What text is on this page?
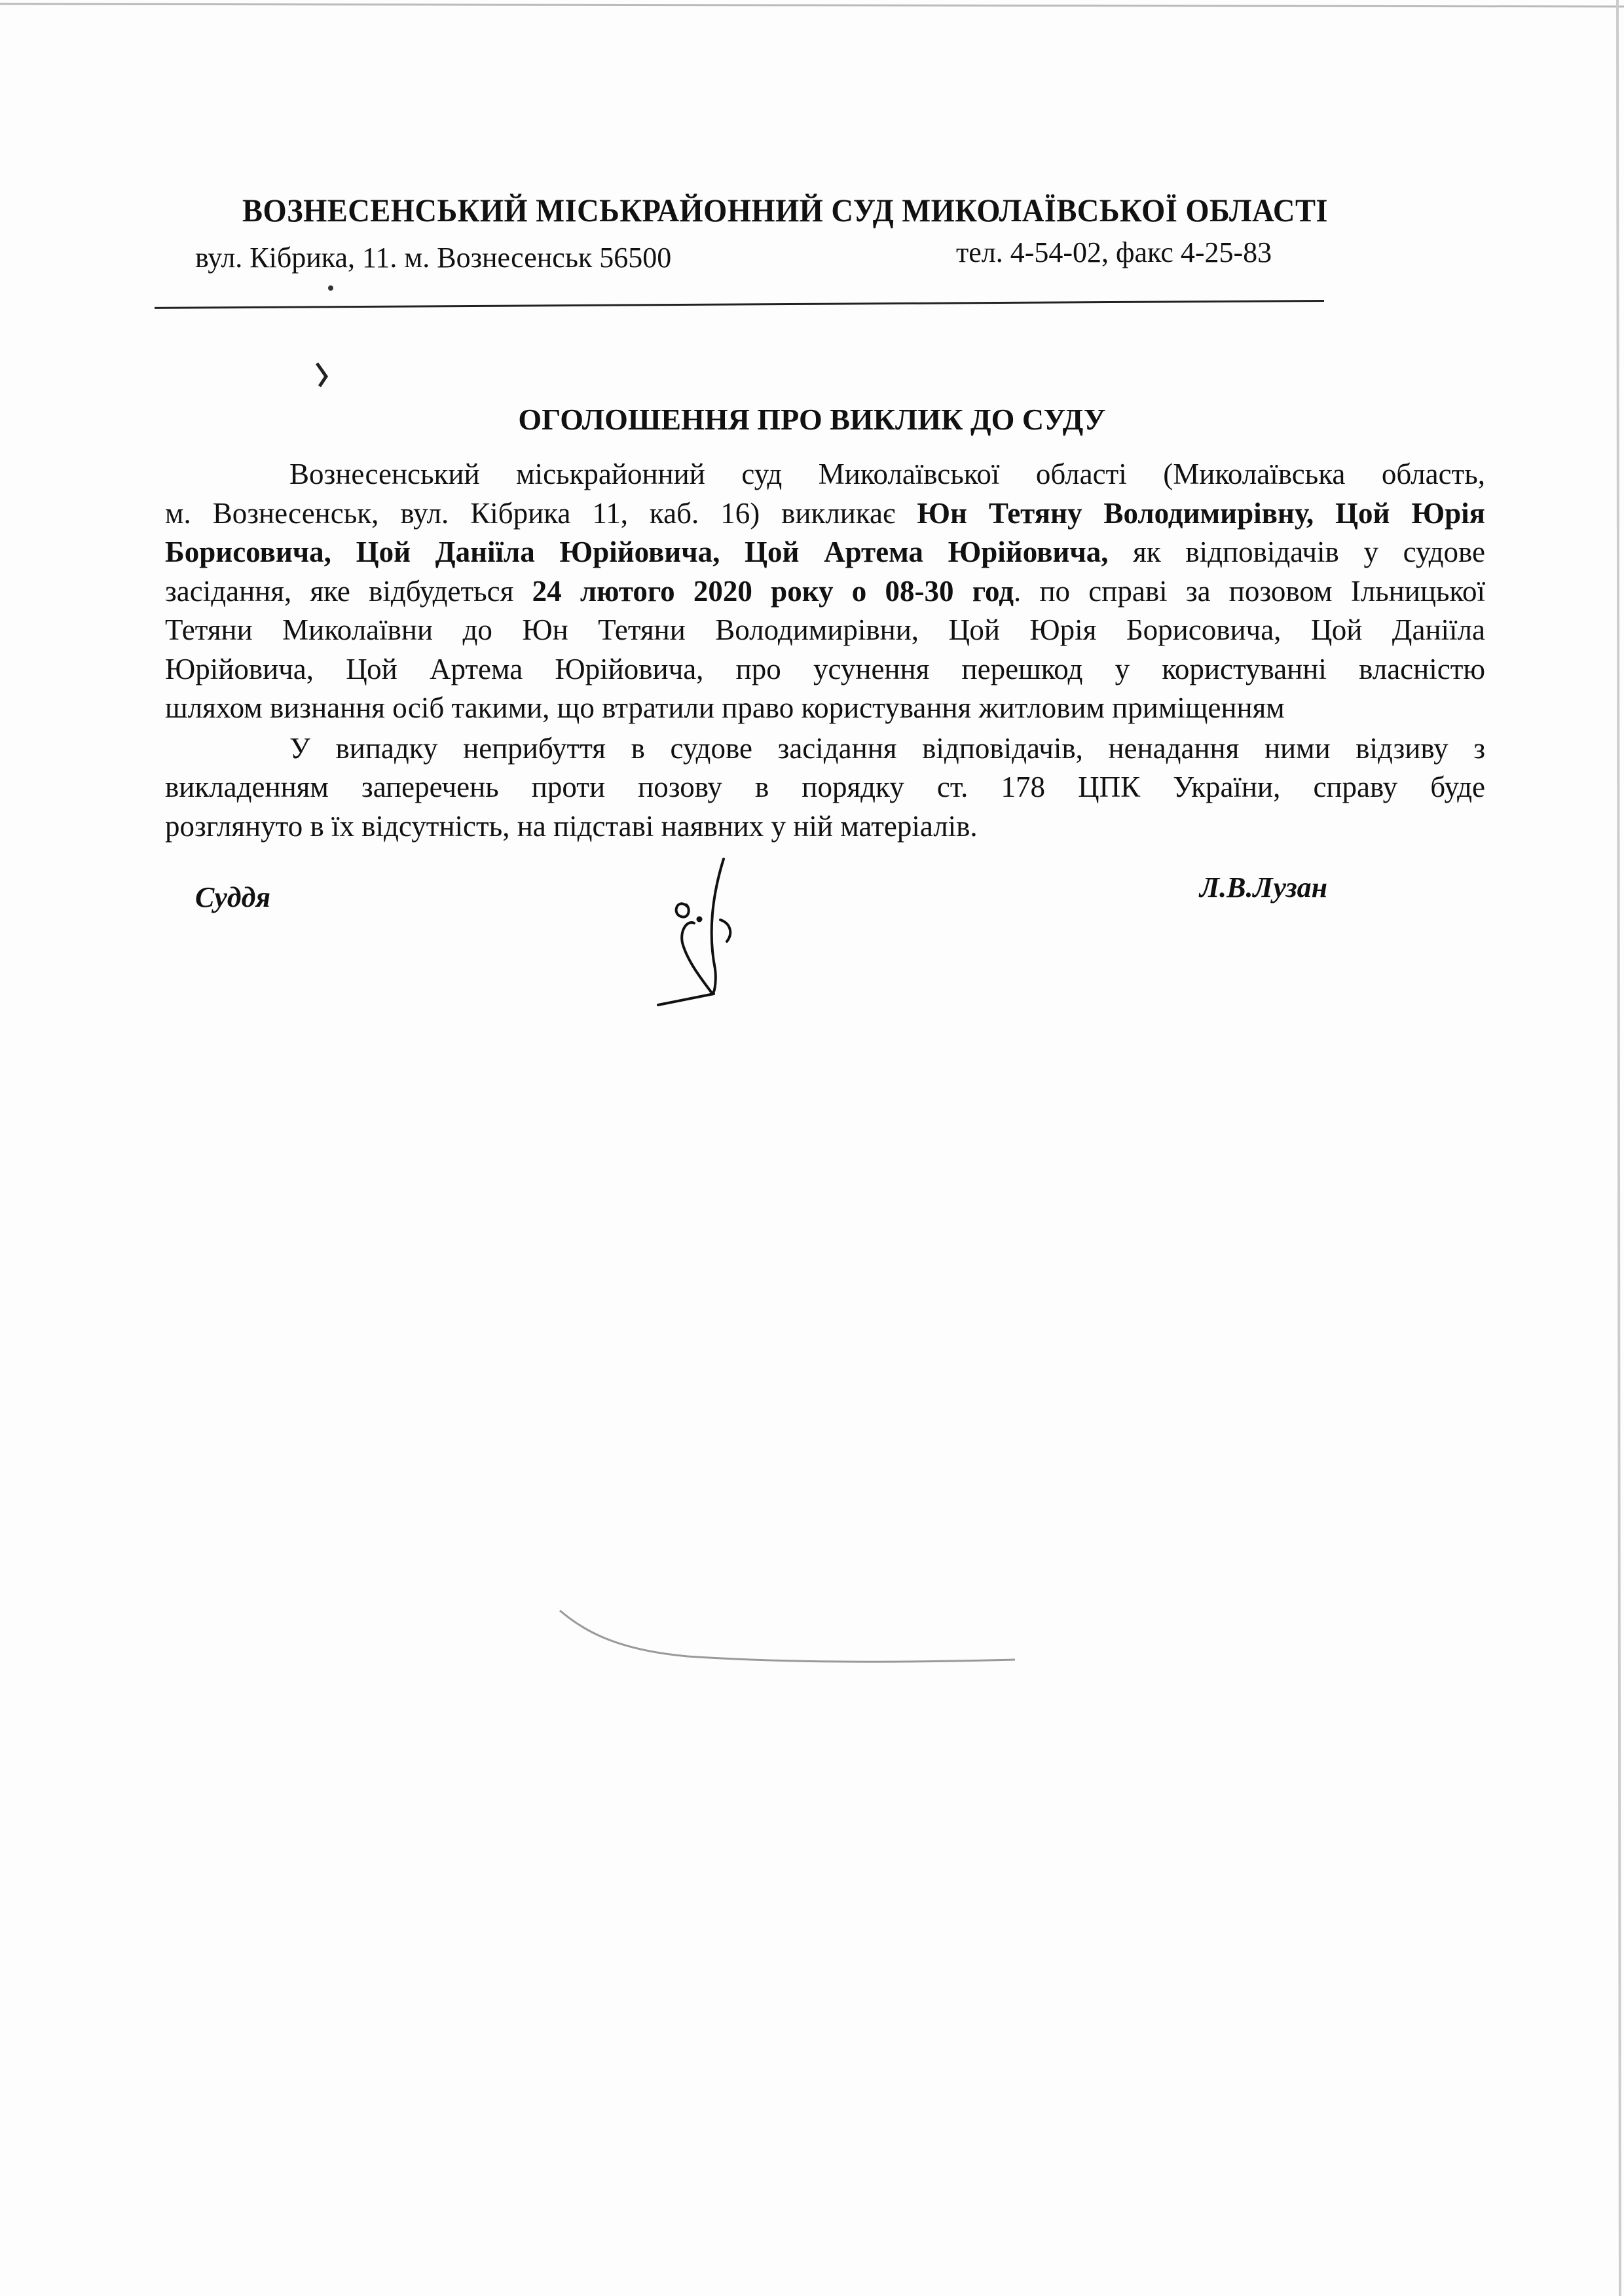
ВОЗНЕСЕНСЬКИЙ МІСЬКРАЙОННИЙ СУД МИКОЛАЇВСЬКОЇ ОБЛАСТІ
вул. Кібрика, 11. м. Вознесенськ 56500	тел. 4-54-02, факс 4-25-83
ОГОЛОШЕННЯ ПРО ВИКЛИК ДО СУДУ
Вознесенський міськрайонний суд Миколаївської області (Миколаївська область,
м. Вознесенськ, вул. Кібрика 11, каб. 16) викликає Юн Тетяну Володимирівну, Цой Юрія
Борисовича, Цой Даніїла Юрійовича, Цой Артема Юрійовича, як відповідачів у судове
засідання, яке відбудеться 24 лютого 2020 року о 08-30 год. по справі за позовом Ільницької
Тетяни Миколаївни до Юн Тетяни Володимирівни, Цой Юрія Борисовича, Цой Даніїла
Юрійовича, Цой Артема Юрійовича, про усунення перешкод у користуванні власністю
шляхом визнання осіб такими, що втратили право користування житловим приміщенням
У випадку неприбуття в судове засідання відповідачів, ненадання ними відзиву з
викладенням заперечень проти позову в порядку ст. 178 ЦПК України, справу буде
розглянуто в їх відсутність, на підставі наявних у ній матеріалів.
Суддя	Л.В.Лузан
